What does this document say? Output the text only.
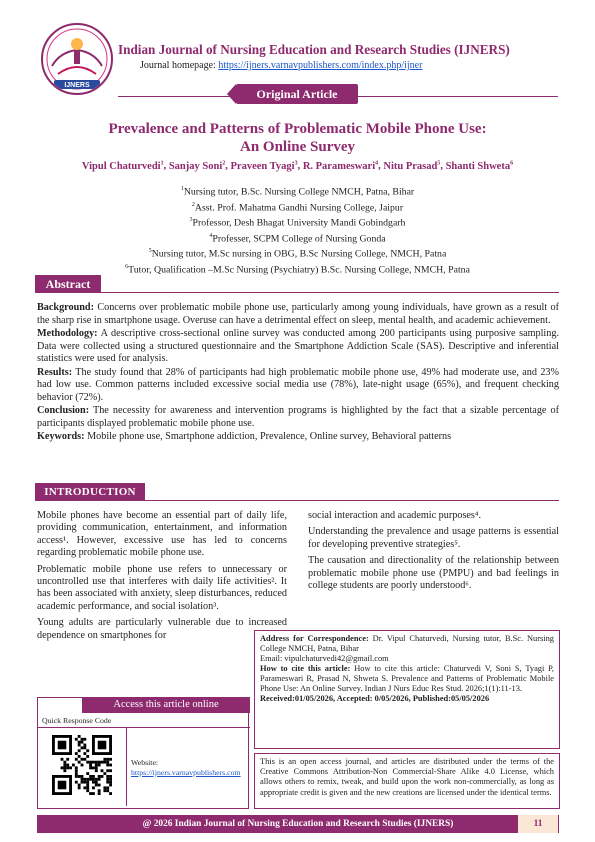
IJNERS
Indian Journal of Nursing Education and Research Studies (IJNERS)
Journal homepage: https://ijners.varnavpublishers.com/index.php/ijner
Original Article
Prevalence and Patterns of Problematic Mobile Phone Use:
An Online Survey
Vipul Chaturvedi$^1$, Sanjay Soni$^2$, Praveen Tyagi$^3$, R. Parameswari$^4$, Nitu Prasad$^5$, Shanti Shweta$^6$
$^1$Nursing tutor, B.Sc. Nursing College NMCH, Patna, Bihar
$^2$Asst. Prof. Mahatma Gandhi Nursing College, Jaipur
$^3$Professor, Desh Bhagat University Mandi Gobindgarh
$^4$Professer, SCPM College of Nursing Gonda
$^5$Nursing tutor, M.Sc nursing in OBG, B.Sc Nursing College, NMCH, Patna
$^6$Tutor, Qualification –M.Sc Nursing (Psychiatry) B.Sc. Nursing College, NMCH, Patna
Abstract

Background: Concerns over problematic mobile phone use, particularly among young individuals, have grown as a result of the sharp rise in smartphone usage. Overuse can have a detrimental effect on sleep, mental health, and academic achievement.

Methodology: A descriptive cross-sectional online survey was conducted among 200 participants using purposive sampling. Data were collected using a structured questionnaire and the Smartphone Addiction Scale (SAS). Descriptive and inferential statistics were used for analysis.

Results: The study found that 28% of participants had high problematic mobile phone use, 49% had moderate use, and 23% had low use. Common patterns included excessive social media use (78%), late-night usage (65%), and frequent checking behavior (72%).

Conclusion: The necessity for awareness and intervention programs is highlighted by the fact that a sizable percentage of participants displayed problematic mobile phone use.

Keywords: Mobile phone use, Smartphone addiction, Prevalence, Online survey, Behavioral patterns

INTRODUCTION

Mobile phones have become an essential part of daily life, providing communication, entertainment, and information access¹. However, excessive use has led to concerns regarding problematic mobile phone use.

Problematic mobile phone use refers to unnecessary or uncontrolled use that interferes with daily life activities². It has been associated with anxiety, sleep disturbances, reduced academic performance, and social isolation³.

Young adults are particularly vulnerable due to increased dependence on smartphones for

social interaction and academic purposes⁴.

Understanding the prevalence and usage patterns is essential for developing preventive strategies⁵.

The causation and directionality of the relationship between problematic mobile phone use (PMPU) and bad feelings in college students are poorly understood⁶.

Address for Correspondence: Dr. Vipul Chaturvedi, Nursing tutor, B.Sc. Nursing College NMCH, Patna, Bihar
Email: vipulchaturvedi42@gmail.com
How to cite this article: How to cite this article: Chaturvedi V, Soni S, Tyagi P, Parameswari R, Prasad N, Shweta S. Prevalence and Patterns of Problematic Mobile Phone Use: An Online Survey. Indian J Nurs Educ Res Stud. 2026;1(1):11-13.
Received:01/05/2026, Accepted: 0/05/2026, Published:05/05/2026
This is an open access journal, and articles are distributed under the terms of the Creative Commons Attribution-Non Commercial-Share Alike 4.0 License, which allows others to remix, tweak, and build upon the work non-commercially, as long as appropriate credit is given and the new creations are licensed under the identical terms.
Access this article online
Quick Response Code
Website:
https://ijners.varnavpublishers.com
@ 2026 Indian Journal of Nursing Education and Research Studies (IJNERS)	11
